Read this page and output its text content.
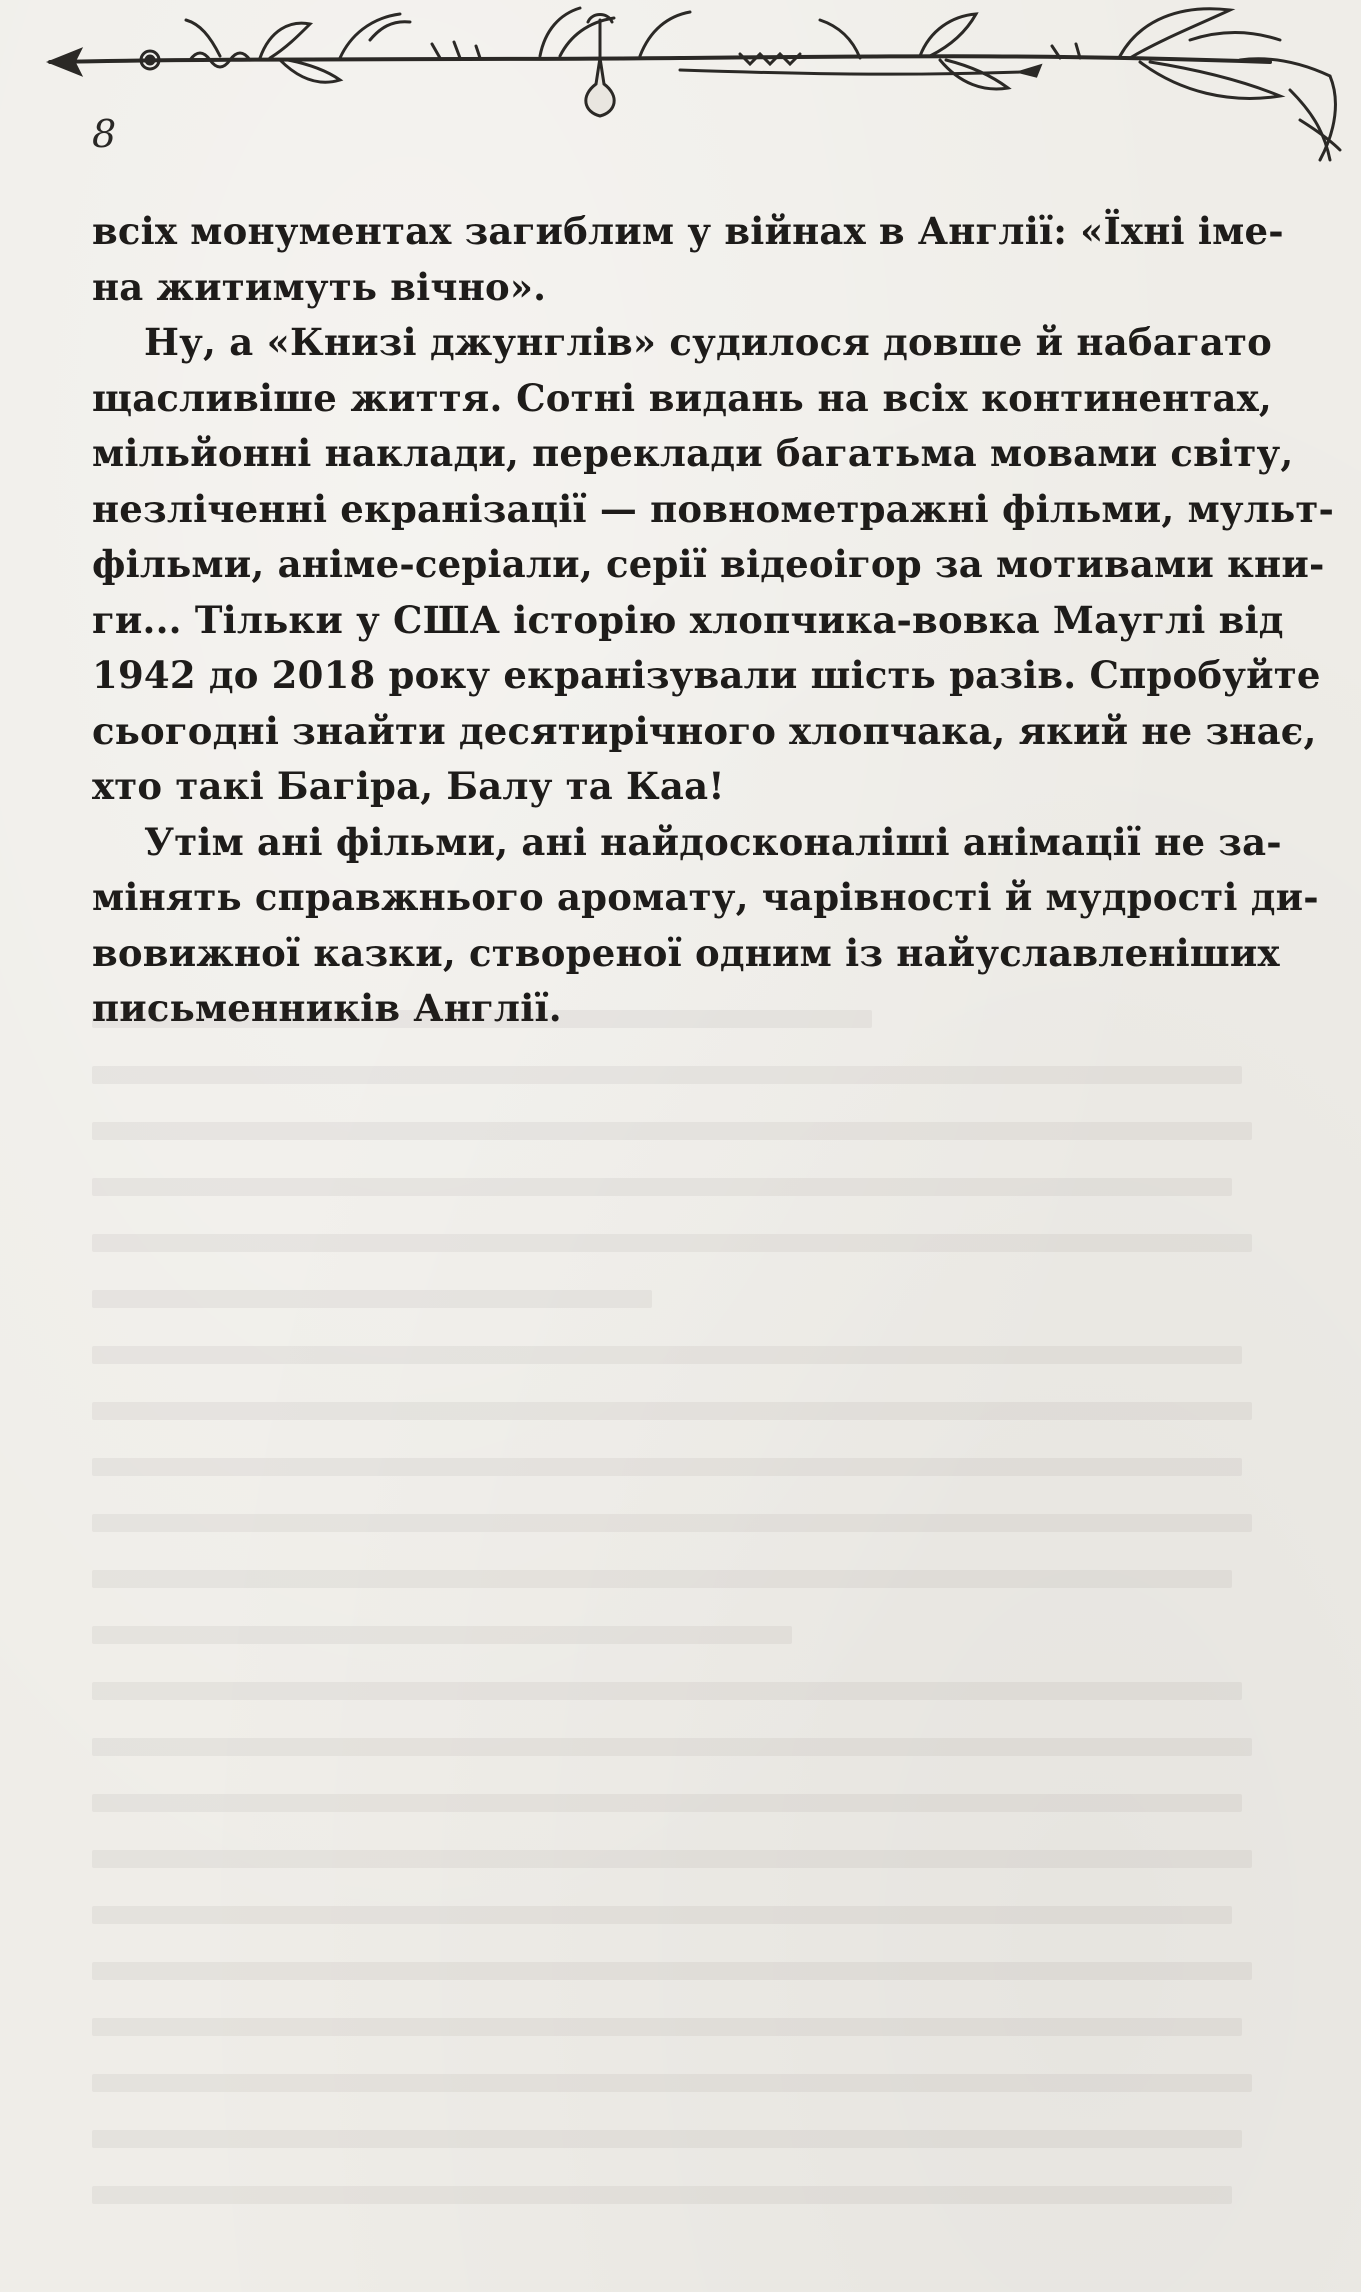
8

всіх монументах загиблим у війнах в Англії: «Їхні іме-
на житимуть вічно».

Ну, а «Книзі джунглів» судилося довше й набагато
щасливіше життя. Сотні видань на всіх континентах,
мільйонні наклади, переклади багатьма мовами світу,
незліченні екранізації — повнометражні фільми, мульт-
фільми, аніме-серіали, серії відеоігор за мотивами кни-
ги... Тільки у США історію хлопчика-вовка Мауглі від
1942 до 2018 року екранізували шість разів. Спробуйте
сьогодні знайти десятирічного хлопчака, який не знає,
хто такі Багіра, Балу та Каа!

Утім ані фільми, ані найдосконаліші анімації не за-
мінять справжнього аромату, чарівності й мудрості ди-
вовижної казки, створеної одним із найуславленіших
письменників Англії.
